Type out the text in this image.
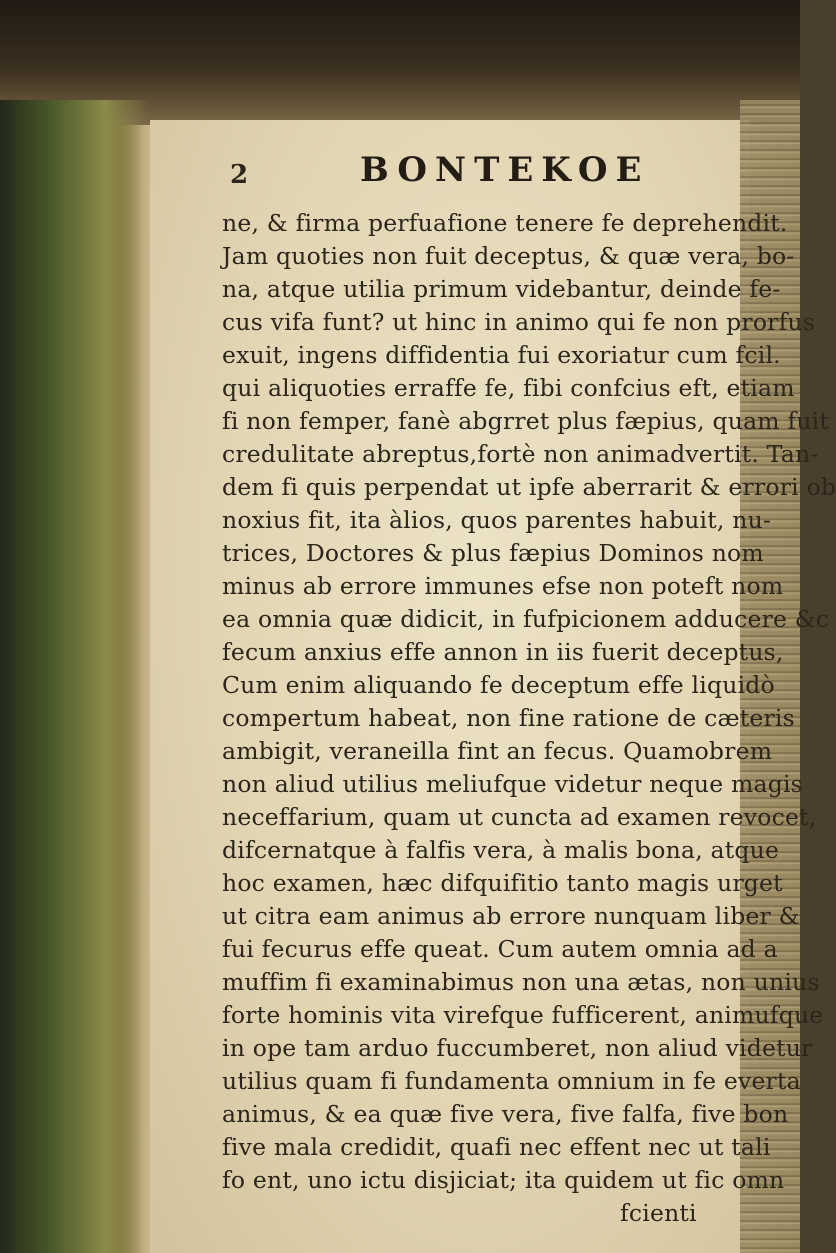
2	BONTEKOE
ne, & firma perfuafione tenere fe deprehendit.
Jam quoties non fuit deceptus, & quæ vera, bo-
na, atque utilia primum videbantur, deinde fe-
cus vifa funt? ut hinc in animo qui fe non prorfus
exuit, ingens diffidentia fui exoriatur cum fcil.
qui aliquoties erraffe fe, fibi confcius eft, etiam
fi non femper, fanè abgrret plus fæpius, quam fuit
credulitate abreptus,fortè non animadvertit. Tan-
dem fi quis perpendat ut ipfe aberrarit & errori ob
noxius fit, ita àlios, quos parentes habuit, nu-
trices, Doctores & plus fæpius Dominos nom
minus ab errore immunes efse non poteft nom
ea omnia quæ didicit, in fufpicionem adducere &c
fecum anxius effe annon in iis fuerit deceptus,
Cum enim aliquando fe deceptum effe liquidò
compertum habeat, non fine ratione de cæteris
ambigit, veraneilla fint an fecus. Quamobrem
non aliud utilius meliufque videtur neque magis
neceffarium, quam ut cuncta ad examen revocet,
difcernatque à falfis vera, à malis bona, atque
hoc examen, hæc difquifitio tanto magis urget
ut citra eam animus ab errore nunquam liber &
fui fecurus effe queat. Cum autem omnia ad a
muffim fi examinabimus non una ætas, non unius
forte hominis vita virefque fufficerent, animufque
in ope tam arduo fuccumberet, non aliud videtur
utilius quam fi fundamenta omnium in fe everta
animus, & ea quæ five vera, five falfa, five bon
five mala credidit, quafi nec effent nec ut tali
fo ent, uno ictu disjiciat; ita quidem ut fic omn
fcienti
